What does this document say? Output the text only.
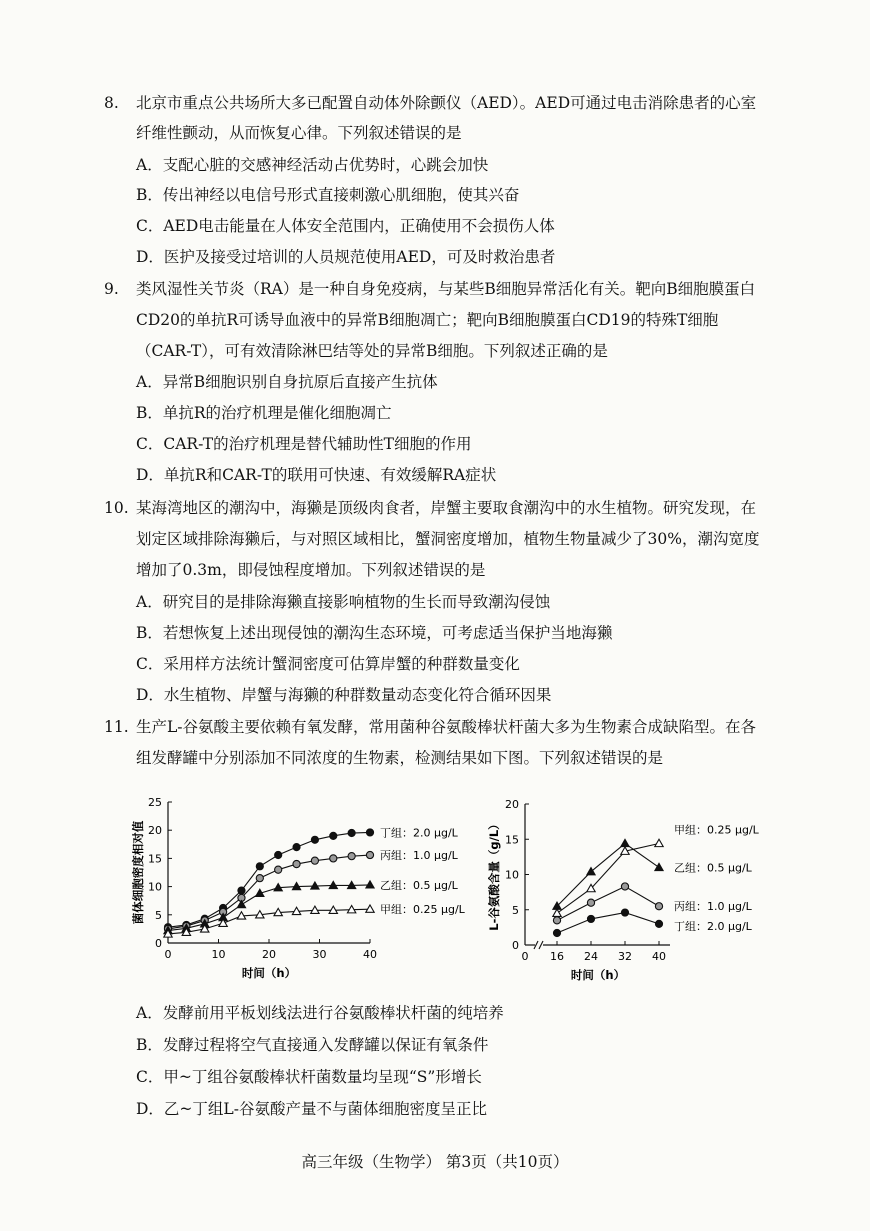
8. 北京市重点公共场所大多已配置自动体外除颤仪（AED）。AED可通过电击消除患者的心室
纤维性颤动，从而恢复心律。下列叙述错误的是
A．支配心脏的交感神经活动占优势时，心跳会加快
B．传出神经以电信号形式直接刺激心肌细胞，使其兴奋
C．AED电击能量在人体安全范围内，正确使用不会损伤人体
D．医护及接受过培训的人员规范使用AED，可及时救治患者
9. 类风湿性关节炎（RA）是一种自身免疫病，与某些B细胞异常活化有关。靶向B细胞膜蛋白
CD20的单抗R可诱导血液中的异常B细胞凋亡；靶向B细胞膜蛋白CD19的特殊T细胞
（CAR-T），可有效清除淋巴结等处的异常B细胞。下列叙述正确的是
A．异常B细胞识别自身抗原后直接产生抗体
B．单抗R的治疗机理是催化细胞凋亡
C．CAR-T的治疗机理是替代辅助性T细胞的作用
D．单抗R和CAR-T的联用可快速、有效缓解RA症状
10. 某海湾地区的潮沟中，海獭是顶级肉食者，岸蟹主要取食潮沟中的水生植物。研究发现，在
划定区域排除海獭后，与对照区域相比，蟹洞密度增加，植物生物量减少了30%，潮沟宽度
增加了0.3m，即侵蚀程度增加。下列叙述错误的是
A．研究目的是排除海獭直接影响植物的生长而导致潮沟侵蚀
B．若想恢复上述出现侵蚀的潮沟生态环境，可考虑适当保护当地海獭
C．采用样方法统计蟹洞密度可估算岸蟹的种群数量变化
D．水生植物、岸蟹与海獭的种群数量动态变化符合循环因果
11. 生产L-谷氨酸主要依赖有氧发酵，常用菌种谷氨酸棒状杆菌大多为生物素合成缺陷型。在各
组发酵罐中分别添加不同浓度的生物素，检测结果如下图。下列叙述错误的是
0
5
10
15
20
25
0	10	20	30	40
时间（h）
菌体细胞密度相对值	丁组：2.0 μg/L
丙组：1.0 μg/L
乙组：0.5 μg/L
甲组：0.25 μg/L
0
5
10
15
20
0 16 24 32 40
时间（h）
L-谷氨酸含量（g/L）	甲组：0.25 μg/L
乙组：0.5 μg/L
丙组：1.0 μg/L
丁组：2.0 μg/L
A．发酵前用平板划线法进行谷氨酸棒状杆菌的纯培养
B．发酵过程将空气直接通入发酵罐以保证有氧条件
C．甲~丁组谷氨酸棒状杆菌数量均呈现“S”形增长
D．乙~丁组L-谷氨酸产量不与菌体细胞密度呈正比
高三年级（生物学） 第3页（共10页）
